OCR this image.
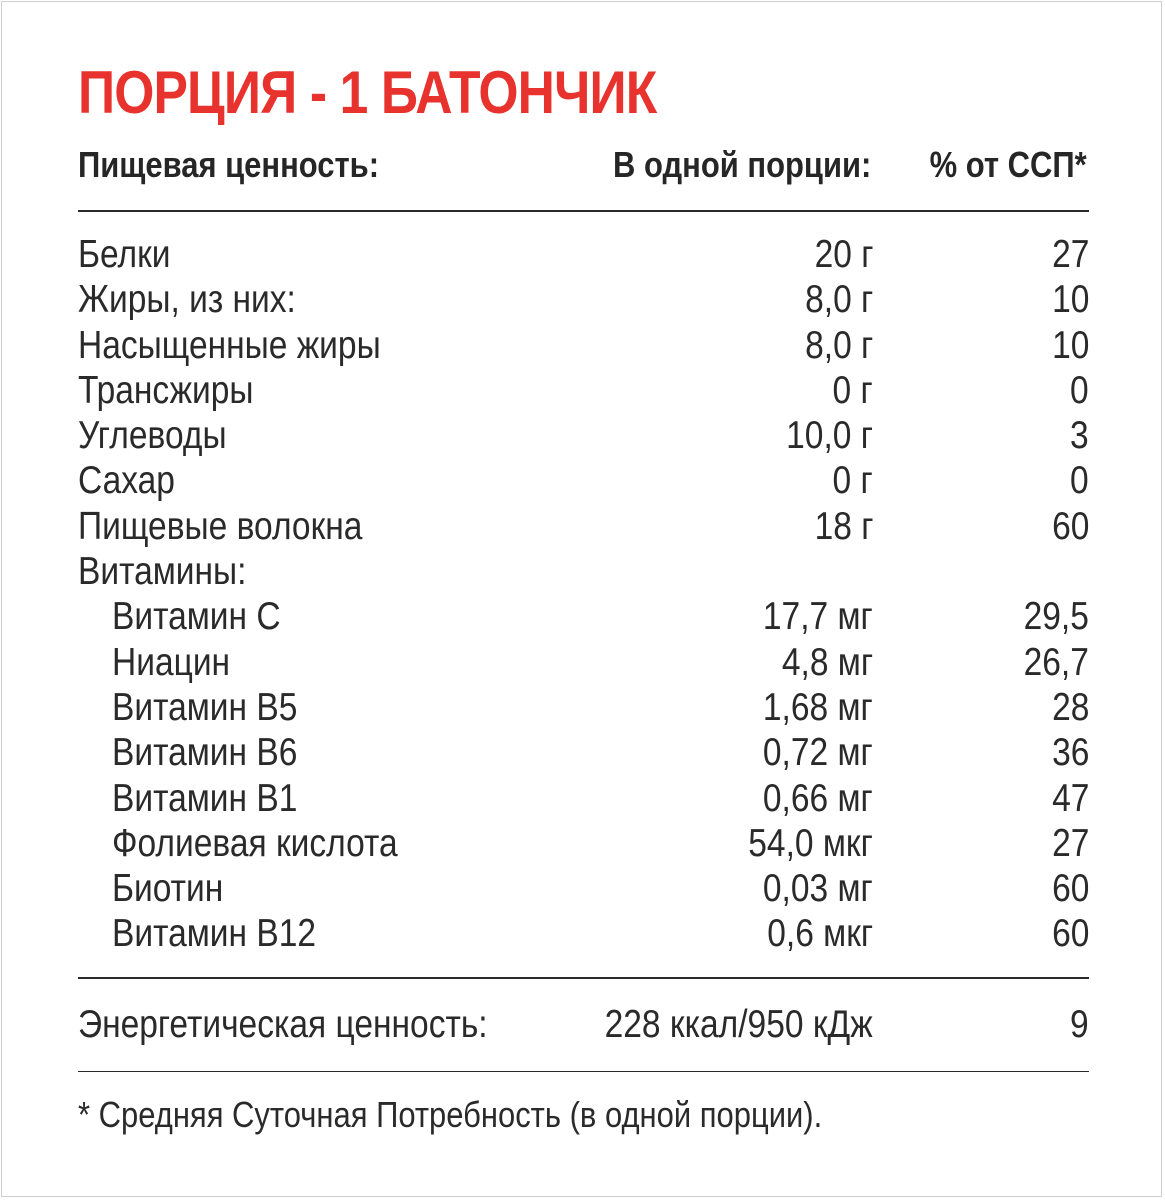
ПОРЦИЯ - 1 БАТОНЧИК
Пищевая ценность:	В одной порции: % от ССП*
Белки	20 г	27
Жиры, из них:	8,0 г	10
Насыщенные жиры	8,0 г	10
Трансжиры	0 г	0
Углеводы	10,0 г	3
Сахар	0 г	0
Пищевые волокна	18 г	60
Витамины:
Витамин С	17,7 мг	29,5
Ниацин	4,8 мг	26,7
Витамин В5	1,68 мг	28
Витамин В6	0,72 мг	36
Витамин В1	0,66 мг	47
Фолиевая кислота	54,0 мкг	27
Биотин	0,03 мг	60
Витамин В12	0,6 мкг	60
Энергетическая ценность:	228 ккал/950 кДж	9
* Средняя Суточная Потребность (в одной порции).
